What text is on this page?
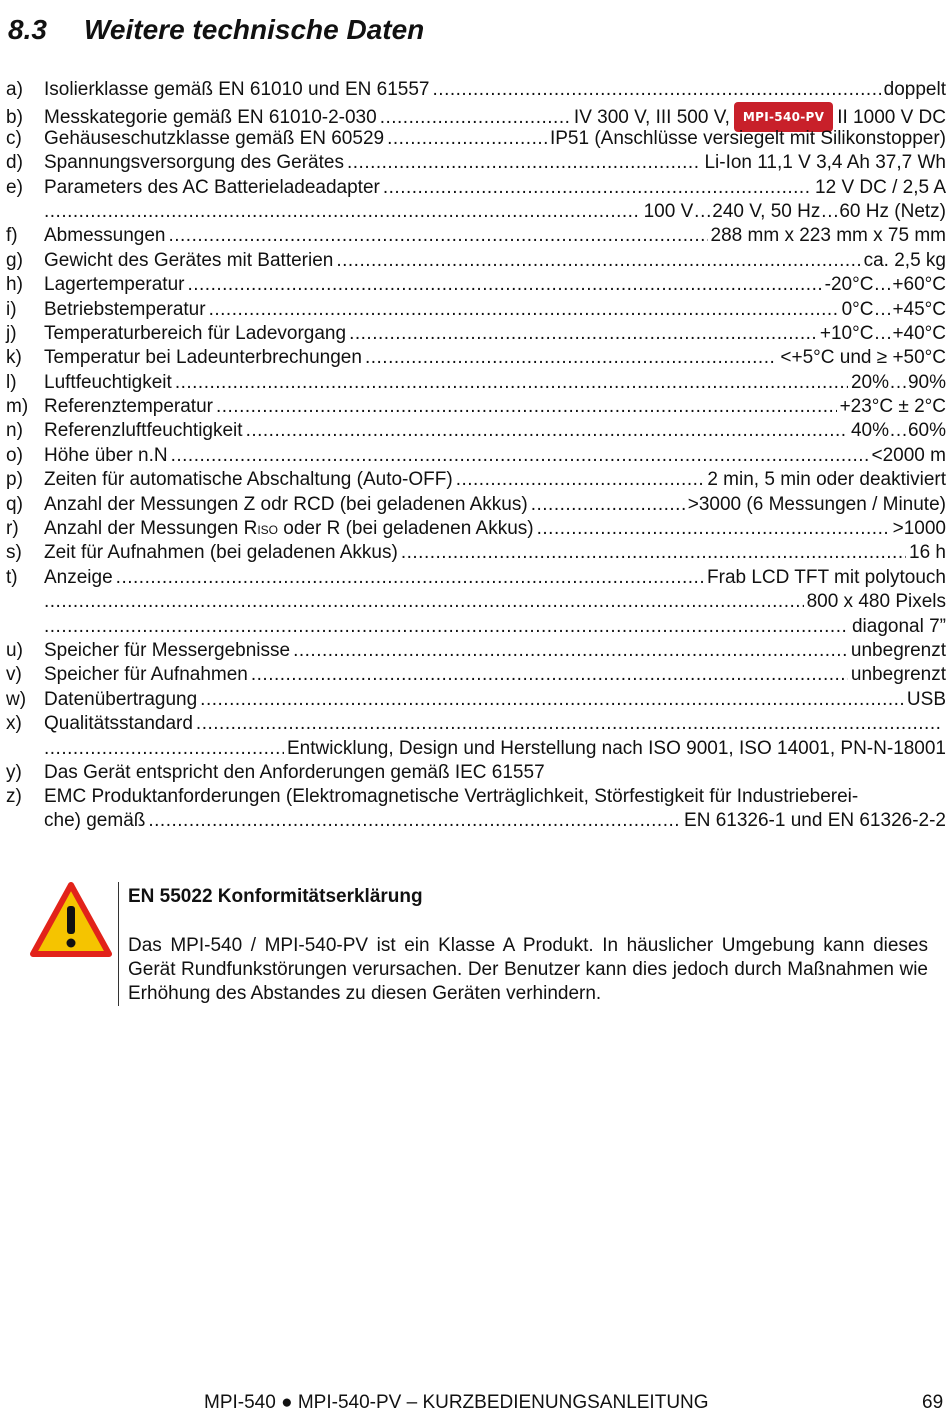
8.3 Weitere technische Daten
a)	Isolierklasse gemäß EN 61010 und EN 61557 .....	doppelt
b)	Messkategorie gemäß EN 61010-2-030 .....	IV 300 V, III 500 V, MPI-540-PV II 1000 V DC
c)	Gehäuseschutzklasse gemäß EN 60529 .....	IP51 (Anschlüsse versiegelt mit Silikonstopper)
d)	Spannungsversorgung des Gerätes .....	Li-Ion 11,1 V 3,4 Ah 37,7 Wh
e)	Parameters des AC Batterieladeadapter .....	12 V DC / 2,5 A
.....
100 V…240 V, 50 Hz…60 Hz (Netz)
f)	Abmessungen .....	288 mm x 223 mm x 75 mm
g)	Gewicht des Gerätes mit Batterien .....	ca. 2,5 kg
h)	Lagertemperatur .....	-20°C…+60°C
i)	Betriebstemperatur .....	0°C…+45°C
j)	Temperaturbereich für Ladevorgang .....	+10°C…+40°C
k)	Temperatur bei Ladeunterbrechungen .....	<+5°C und ≥ +50°C
l)	Luftfeuchtigkeit .....	20%…90%
m) Referenztemperatur .....	+23°C ± 2°C
n)	Referenzluftfeuchtigkeit .....	40%…60%
o)	Höhe über n.N .....	<2000 m
p)	Zeiten für automatische Abschaltung (Auto-OFF) .....	2 min, 5 min oder deaktiviert
q)	Anzahl der Messungen Z odr RCD (bei geladenen Akkus) .....	>3000 (6 Messungen / Minute)
r)	Anzahl der Messungen RISO oder R (bei geladenen Akkus) .....	>1000
s)	Zeit für Aufnahmen (bei geladenen Akkus) .....	16 h
t)	Anzeige .....	Frab LCD TFT mit polytouch
.....
800 x 480 Pixels
.....
diagonal 7”
u)	Speicher für Messergebnisse .....	unbegrenzt
v)	Speicher für Aufnahmen .....	unbegrenzt
w) Datenübertragung .....	USB
x)	Qualitätsstandard
.....
.....
Entwicklung, Design und Herstellung nach ISO 9001, ISO 14001, PN-N-18001
y)	Das Gerät entspricht den Anforderungen gemäß IEC 61557
z)	EMC Produktanforderungen (Elektromagnetische Verträglichkeit, Störfestigkeit für Industrieberei-
che) gemäß .....	EN 61326-1 und EN 61326-2-2
EN 55022 Konformitätserklärung
Das MPI-540 / MPI-540-PV ist ein Klasse A Produkt. In häuslicher Umgebung kann dieses Gerät Rundfunkstörungen verursachen. Der Benutzer kann dies jedoch durch Maßnahmen wie Erhöhung des Abstandes zu diesen Geräten verhindern.
MPI-540 ● MPI-540-PV – KURZBEDIENUNGSANLEITUNG	69
